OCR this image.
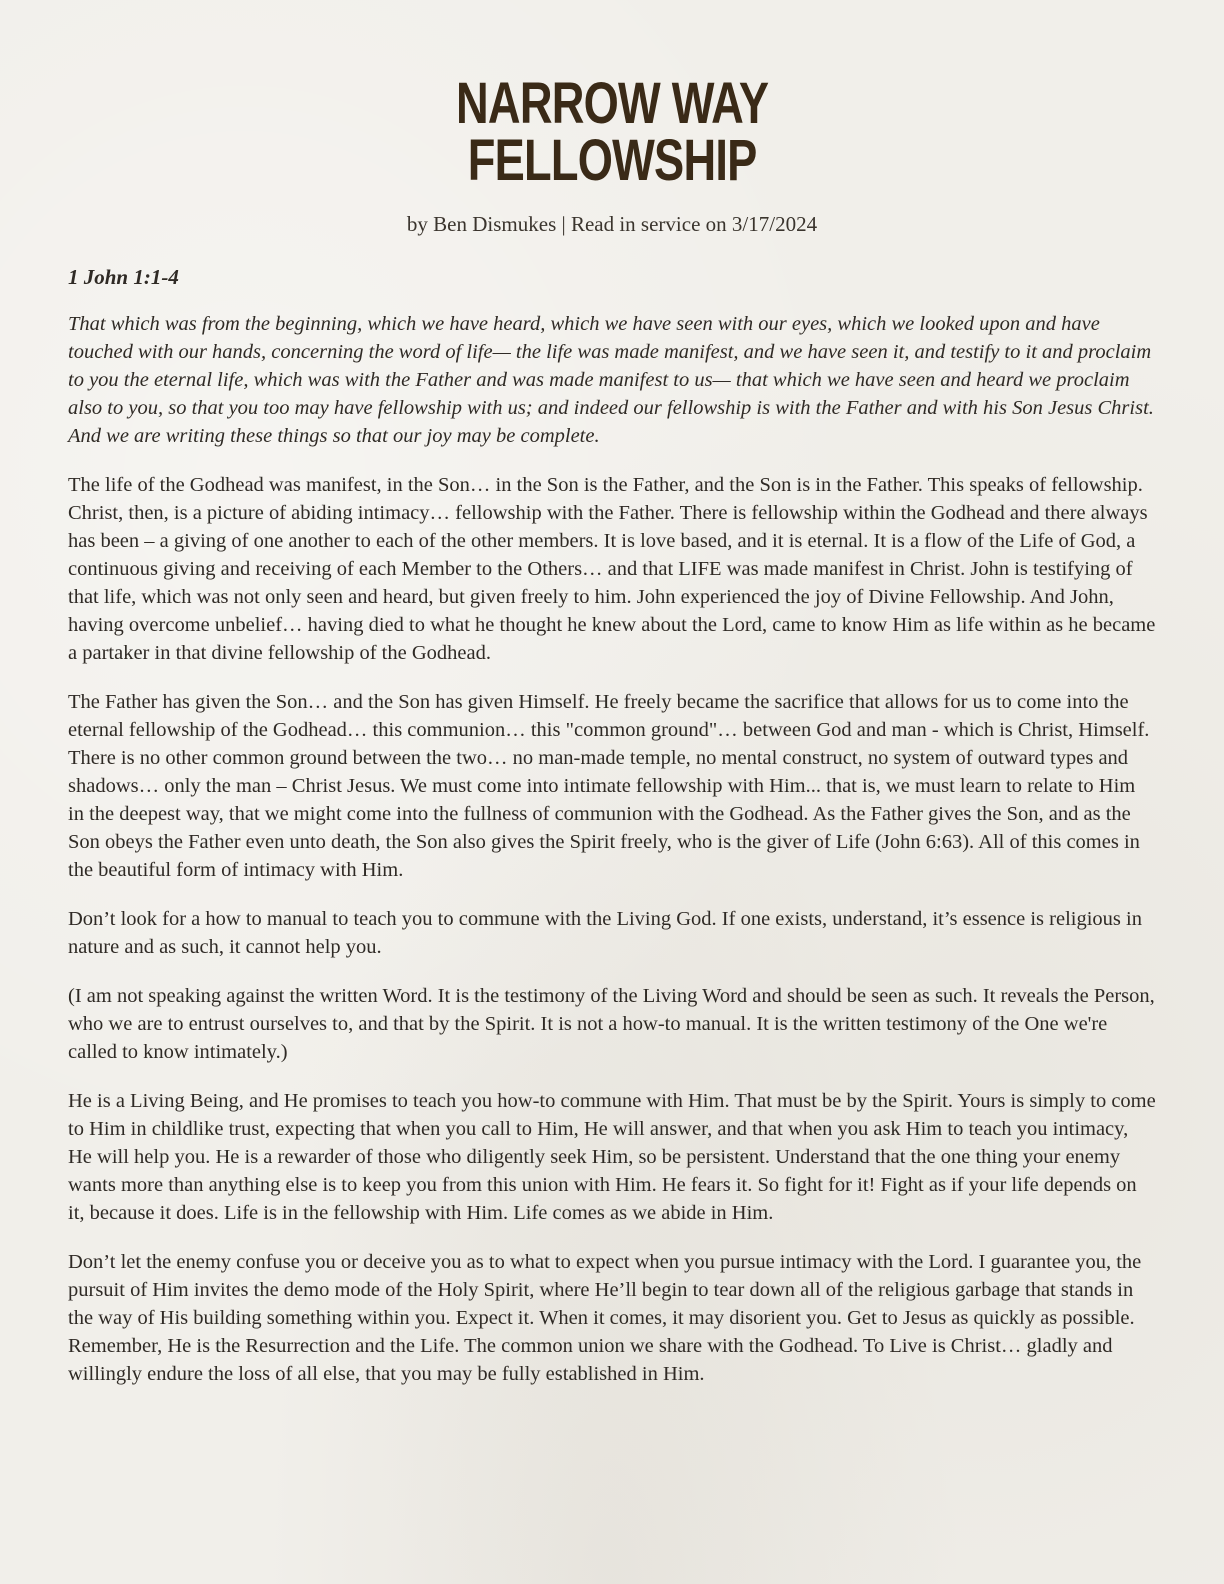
NARROW WAY
FELLOWSHIP
by Ben Dismukes | Read in service on 3/17/2024
1 John 1:1-4

That which was from the beginning, which we have heard, which we have seen with our eyes, which we looked upon and have touched with our hands, concerning the word of life— the life was made manifest, and we have seen it, and testify to it and proclaim to you the eternal life, which was with the Father and was made manifest to us— that which we have seen and heard we proclaim also to you, so that you too may have fellowship with us; and indeed our fellowship is with the Father and with his Son Jesus Christ. And we are writing these things so that our joy may be complete.

The life of the Godhead was manifest, in the Son… in the Son is the Father, and the Son is in the Father. This speaks of fellowship. Christ, then, is a picture of abiding intimacy… fellowship with the Father. There is fellowship within the Godhead and there always has been – a giving of one another to each of the other members. It is love based, and it is eternal. It is a flow of the Life of God, a continuous giving and receiving of each Member to the Others… and that LIFE was made manifest in Christ. John is testifying of that life, which was not only seen and heard, but given freely to him. John experienced the joy of Divine Fellowship. And John, having overcome unbelief… having died to what he thought he knew about the Lord, came to know Him as life within as he became a partaker in that divine fellowship of the Godhead.

The Father has given the Son… and the Son has given Himself. He freely became the sacrifice that allows for us to come into the eternal fellowship of the Godhead… this communion… this "common ground"… between God and man - which is Christ, Himself. There is no other common ground between the two… no man-made temple, no mental construct, no system of outward types and shadows… only the man – Christ Jesus. We must come into intimate fellowship with Him... that is, we must learn to relate to Him in the deepest way, that we might come into the fullness of communion with the Godhead. As the Father gives the Son, and as the Son obeys the Father even unto death, the Son also gives the Spirit freely, who is the giver of Life (John 6:63). All of this comes in the beautiful form of intimacy with Him.

Don’t look for a how to manual to teach you to commune with the Living God. If one exists, understand, it’s essence is religious in nature and as such, it cannot help you.

(I am not speaking against the written Word. It is the testimony of the Living Word and should be seen as such. It reveals the Person, who we are to entrust ourselves to, and that by the Spirit. It is not a how-to manual. It is the written testimony of the One we're called to know intimately.)

He is a Living Being, and He promises to teach you how-to commune with Him. That must be by the Spirit. Yours is simply to come to Him in childlike trust, expecting that when you call to Him, He will answer, and that when you ask Him to teach you intimacy, He will help you. He is a rewarder of those who diligently seek Him, so be persistent. Understand that the one thing your enemy wants more than anything else is to keep you from this union with Him. He fears it. So fight for it! Fight as if your life depends on it, because it does. Life is in the fellowship with Him. Life comes as we abide in Him.

Don’t let the enemy confuse you or deceive you as to what to expect when you pursue intimacy with the Lord. I guarantee you, the pursuit of Him invites the demo mode of the Holy Spirit, where He’ll begin to tear down all of the religious garbage that stands in the way of His building something within you. Expect it. When it comes, it may disorient you. Get to Jesus as quickly as possible. Remember, He is the Resurrection and the Life. The common union we share with the Godhead. To Live is Christ… gladly and willingly endure the loss of all else, that you may be fully established in Him.
